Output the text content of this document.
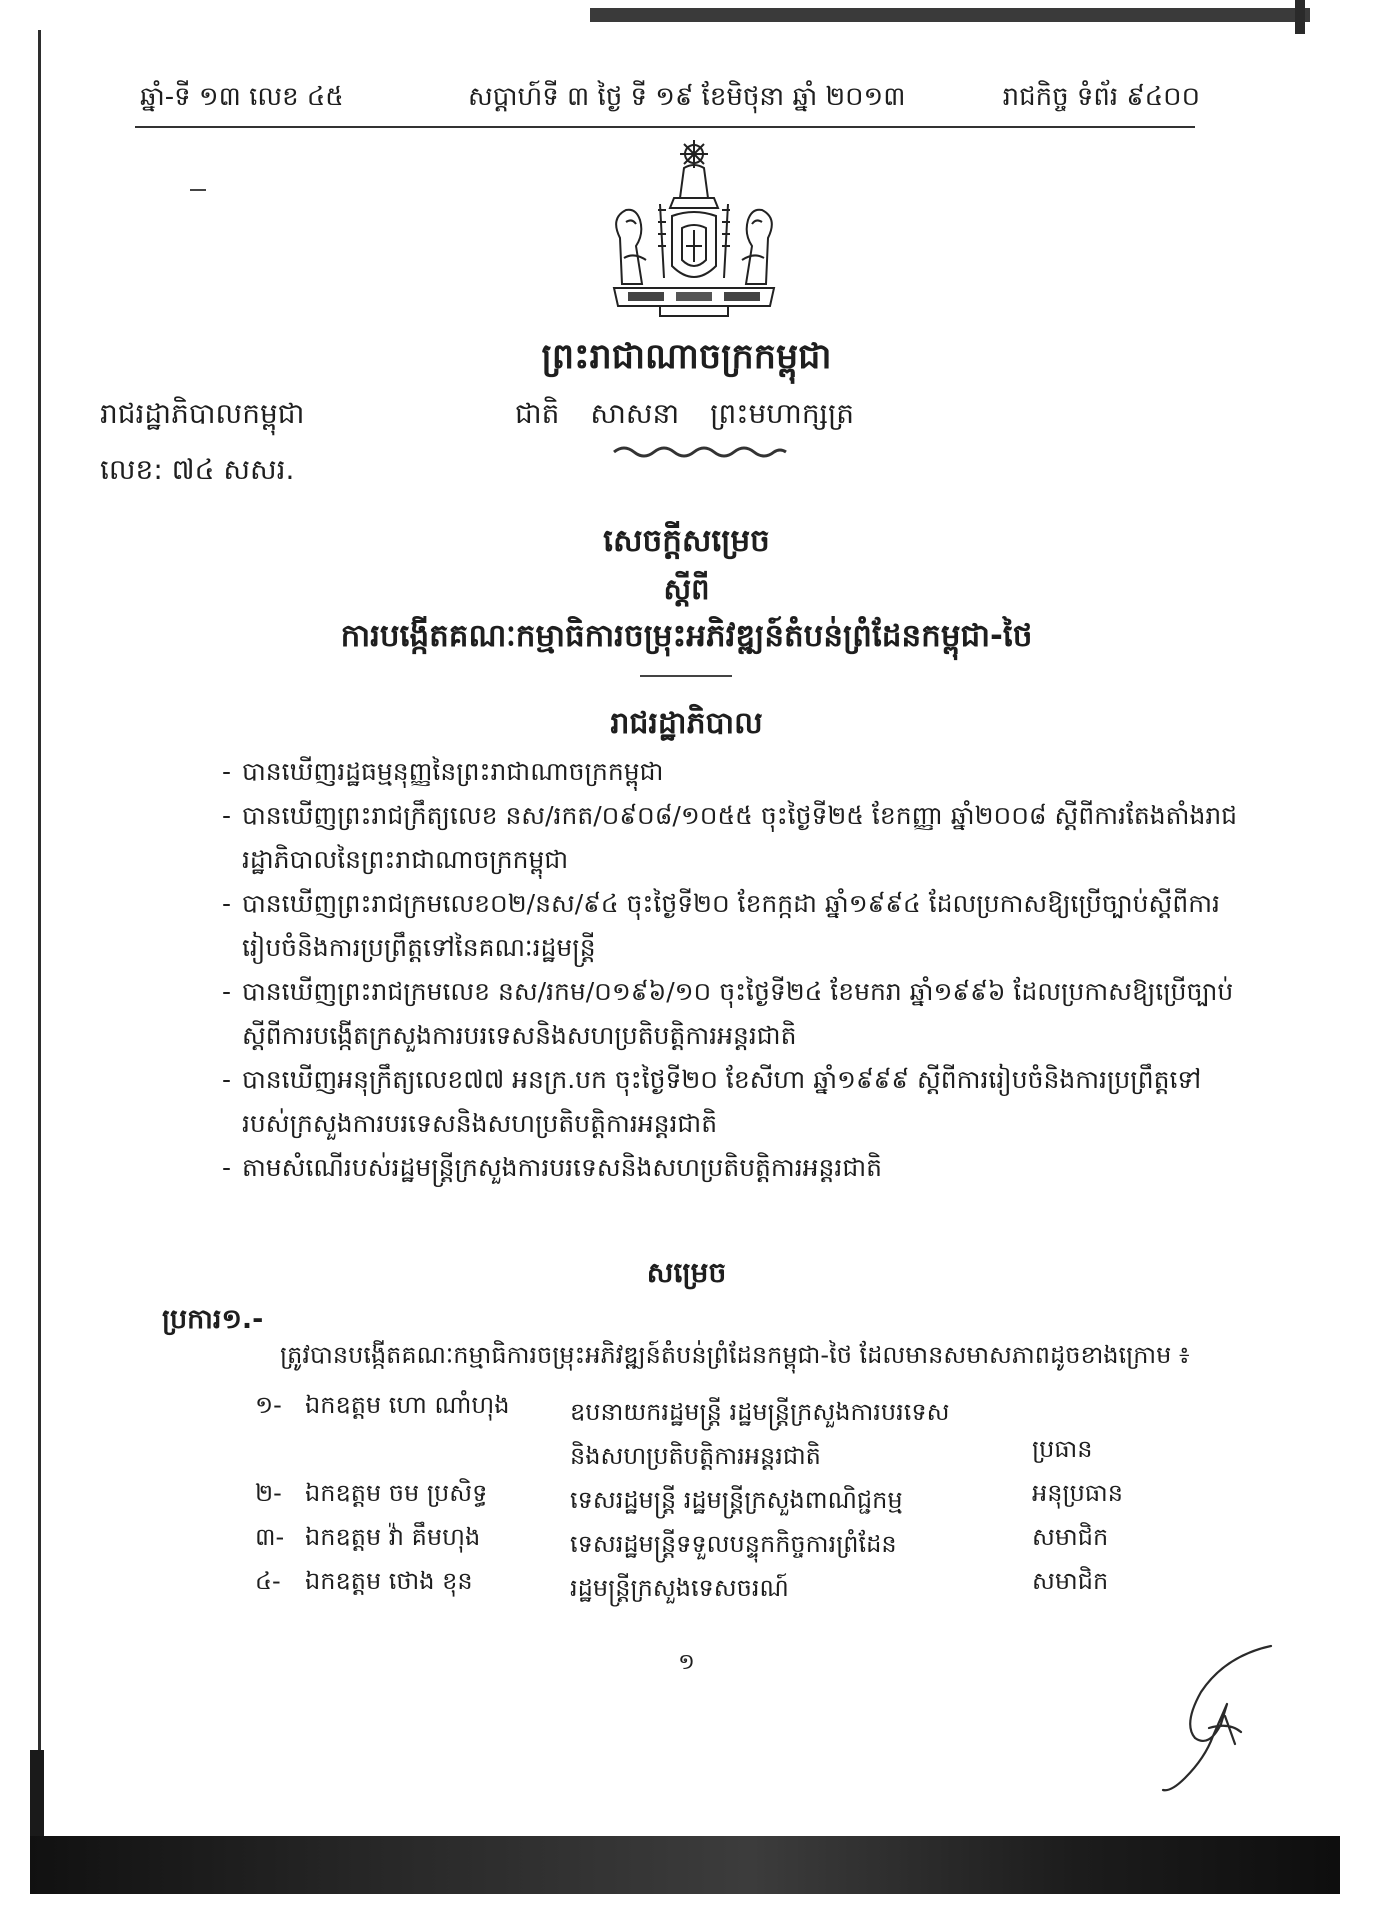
ឆ្នាំ-ទី ១៣ លេខ ៤៥	សប្តាហ៍ទី ៣ ថ្ងៃ ទី ១៩ ខែមិថុនា ឆ្នាំ ២០១៣	រាជកិច្ច ទំព័រ ៩៤០០
ព្រះរាជាណាចក្រកម្ពុជា
ជាតិ សាសនា ព្រះមហាក្សត្រ
រាជរដ្ឋាភិបាលកម្ពុជា
លេខ: ៧៤ សសរ.
សេចក្តីសម្រេច
ស្តីពី
ការបង្កើតគណៈកម្មាធិការចម្រុះអភិវឌ្ឍន៍តំបន់ព្រំដែនកម្ពុជា-ថៃ
រាជរដ្ឋាភិបាល
- បានឃើញរដ្ឋធម្មនុញ្ញនៃព្រះរាជាណាចក្រកម្ពុជា
- បានឃើញព្រះរាជក្រឹត្យលេខ នស/រកត/០៩០៨/១០៥៥ ចុះថ្ងៃទី២៥ ខែកញ្ញា ឆ្នាំ២០០៨ ស្តីពីការតែងតាំងរាជរដ្ឋាភិបាលនៃព្រះរាជាណាចក្រកម្ពុជា
- បានឃើញព្រះរាជក្រមលេខ០២/នស/៩៤ ចុះថ្ងៃទី២០ ខែកក្កដា ឆ្នាំ១៩៩៤ ដែលប្រកាសឱ្យប្រើច្បាប់ស្តីពីការរៀបចំនិងការប្រព្រឹត្តទៅនៃគណៈរដ្ឋមន្ត្រី
- បានឃើញព្រះរាជក្រមលេខ នស/រកម/០១៩៦/១០ ចុះថ្ងៃទី២៤ ខែមករា ឆ្នាំ១៩៩៦ ដែលប្រកាសឱ្យប្រើច្បាប់ស្តីពីការបង្កើតក្រសួងការបរទេសនិងសហប្រតិបត្តិការអន្តរជាតិ
- បានឃើញអនុក្រឹត្យលេខ៧៧ អនក្រ.បក ចុះថ្ងៃទី២០ ខែសីហា ឆ្នាំ១៩៩៩ ស្តីពីការរៀបចំនិងការប្រព្រឹត្តទៅរបស់ក្រសួងការបរទេសនិងសហប្រតិបត្តិការអន្តរជាតិ
- តាមសំណើរបស់រដ្ឋមន្ត្រីក្រសួងការបរទេសនិងសហប្រតិបត្តិការអន្តរជាតិ
សម្រេច
ប្រការ១.-
ត្រូវបានបង្កើតគណៈកម្មាធិការចម្រុះអភិវឌ្ឍន៍តំបន់ព្រំដែនកម្ពុជា-ថៃ ដែលមានសមាសភាពដូចខាងក្រោម ៖
១- ឯកឧត្តម ហោ ណាំហុង	ឧបនាយករដ្ឋមន្ត្រី រដ្ឋមន្ត្រីក្រសួងការបរទេស និងសហប្រតិបត្តិការអន្តរជាតិ	ប្រធាន
២- ឯកឧត្តម ចម ប្រសិទ្ធ	ទេសរដ្ឋមន្ត្រី រដ្ឋមន្ត្រីក្រសួងពាណិជ្ជកម្ម	អនុប្រធាន
៣- ឯកឧត្តម វ៉ា គឹមហុង	ទេសរដ្ឋមន្ត្រីទទួលបន្ទុកកិច្ចការព្រំដែន	សមាជិក
៤- ឯកឧត្តម ថោង ខុន	រដ្ឋមន្ត្រីក្រសួងទេសចរណ៍	សមាជិក
១
